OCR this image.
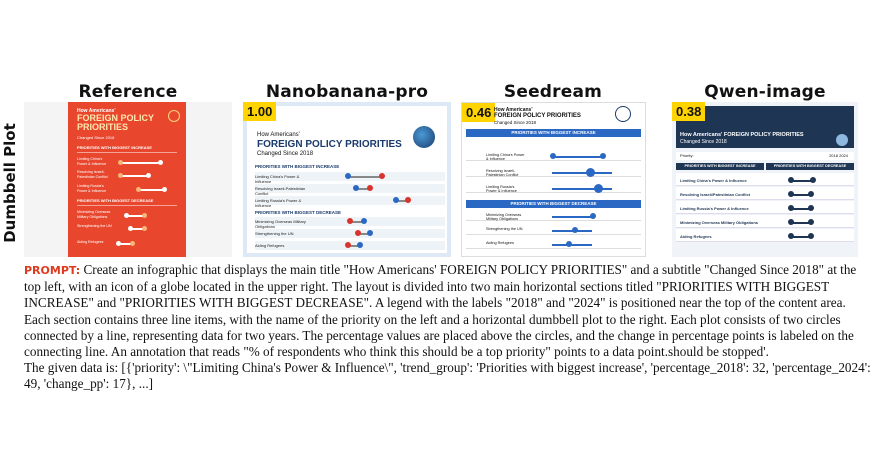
Reference	Nanobanana-pro	Seedream	Qwen-image
Dumbbell Plot
How Americans'
FOREIGN POLICY PRIORITIES
Changed Since 2018
PRIORITIES WITH BIGGEST INCREASE
Limiting China's Power & Influence
Resolving Israeli-Palestinian Conflict
Limiting Russia's Power & Influence
PRIORITIES WITH BIGGEST DECREASE
Minimizing Overseas Military Obligations
Strengthening the UN
Aiding Refugees
How Americans'
FOREIGN POLICY PRIORITIES
Changed Since 2018
PRIORITIES WITH BIGGEST INCREASE
Limiting China's Power & Influence
Resolving Israeli-Palestinian Conflict
Limiting Russia's Power & Influence
PRIORITIES WITH BIGGEST DECREASE
Minimizing Overseas Military Obligations
Strengthening the UN
Aiding Refugees
1.00	0.46 How Americans'
FOREIGN POLICY PRIORITIES
Changed Since 2018
PRIORITIES WITH BIGGEST INCREASE
Limiting China's Power & Influence
Resolving Israeli-Palestinian Conflict
Limiting Russia's Power & Influence
PRIORITIES WITH BIGGEST DECREASE
Minimizing Overseas Military Obligations
Strengthening the UN
Aiding Refugees
0.38
How Americans' FOREIGN POLICY PRIORITIES
Changed Since 2018
Priority:	2018 2024
PRIORITIES WITH BIGGEST INCREASE	PRIORITIES WITH BIGGEST DECREASE
Limiting China's Power & Influence
Resolving Israeli/Palestinian Conflict
Limiting Russia's Power & Influence
Minimizing Overseas Military Obligations
Aiding Refugees
PROMPT: Create an infographic that displays the main title "How Americans' FOREIGN POLICY PRIORITIES" and a subtitle "Changed Since 2018" at the top left, with an icon of a globe located in the upper right. The layout is divided into two main horizontal sections titled "PRIORITIES WITH BIGGEST INCREASE" and "PRIORITIES WITH BIGGEST DECREASE". A legend with the labels "2018" and "2024" is positioned near the top of the content area. Each section contains three line items, with the name of the priority on the left and a horizontal dumbbell plot to the right. Each plot consists of two circles connected by a line, representing data for two years. The percentage values are placed above the circles, and the change in percentage points is labeled on the connecting line. An annotation that reads "% of respondents who think this should be a top priority" points to a data point.should be stopped'.
The given data is: [{'priority': \"Limiting China's Power & Influence\", 'trend_group': 'Priorities with biggest increase', 'percentage_2018': 32, 'percentage_2024': 49, 'change_pp': 17}, ...]
